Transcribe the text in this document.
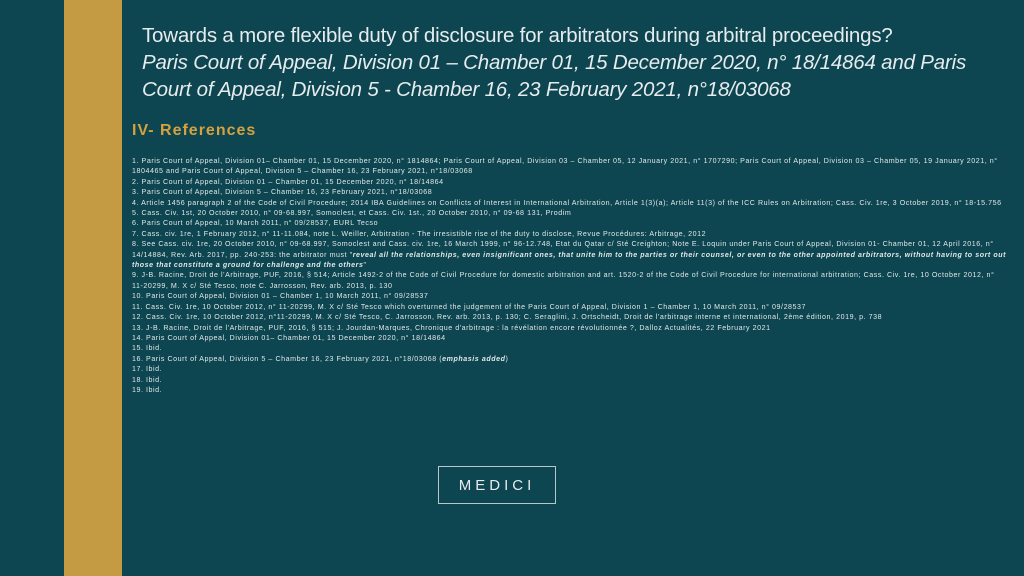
Towards a more flexible duty of disclosure for arbitrators during arbitral proceedings?
Paris Court of Appeal, Division 01 – Chamber 01, 15 December 2020, n° 18/14864 and Paris Court of Appeal, Division 5 - Chamber 16, 23 February 2021, n°18/03068
IV- References
1. Paris Court of Appeal, Division 01– Chamber 01, 15 December 2020, n° 1814864; Paris Court of Appeal, Division 03 – Chamber 05, 12 January 2021, n° 1707290; Paris Court of Appeal, Division 03 – Chamber 05, 19 January 2021, n° 1804465 and Paris Court of Appeal, Division 5 – Chamber 16, 23 February 2021, n°18/03068
2. Paris Court of Appeal, Division 01 – Chamber 01, 15 December 2020, n° 18/14864
3. Paris Court of Appeal, Division 5 – Chamber 16, 23 February 2021, n°18/03068
4. Article 1456 paragraph 2 of the Code of Civil Procedure; 2014 IBA Guidelines on Conflicts of Interest in International Arbitration, Article 1(3)(a); Article 11(3) of the ICC Rules on Arbitration; Cass. Civ. 1re, 3 October 2019, n° 18-15.756
5. Cass. Civ. 1st, 20 October 2010, n° 09-68.997, Somoclest, et Cass. Civ. 1st., 20 October 2010, n° 09-68 131, Prodim
6. Paris Court of Appeal, 10 March 2011, n° 09/28537, EURL Tecso
7. Cass. civ. 1re, 1 February 2012, n° 11-11.084, note L. Weiller, Arbitration - The irresistible rise of the duty to disclose, Revue Procédures: Arbitrage, 2012
8. See Cass. civ. 1re, 20 October 2010, n° 09-68.997, Somoclest and Cass. civ. 1re, 16 March 1999, n° 96-12.748, Etat du Qatar c/ Sté Creighton; Note E. Loquin under Paris Court of Appeal, Division 01- Chamber 01, 12 April 2016, n° 14/14884, Rev. Arb. 2017, pp. 240-253: the arbitrator must "reveal all the relationships, even insignificant ones, that unite him to the parties or their counsel, or even to the other appointed arbitrators, without having to sort out those that constitute a ground for challenge and the others"
9. J-B. Racine, Droit de l'Arbitrage, PUF, 2016, § 514; Article 1492-2 of the Code of Civil Procedure for domestic arbitration and art. 1520-2 of the Code of Civil Procedure for international arbitration; Cass. Civ. 1re, 10 October 2012, n° 11-20299, M. X c/ Sté Tesco, note C. Jarrosson, Rev. arb. 2013, p. 130
10. Paris Court of Appeal, Division 01 – Chamber 1, 10 March 2011, n° 09/28537
11. Cass. Civ. 1re, 10 October 2012, n° 11-20299, M. X c/ Sté Tesco which overturned the judgement of the Paris Court of Appeal, Division 1 – Chamber 1, 10 March 2011, n° 09/28537
12. Cass. Civ. 1re, 10 October 2012, n°11-20299, M. X c/ Sté Tesco, C. Jarrosson, Rev. arb. 2013, p. 130; C. Seraglini, J. Ortscheidt, Droit de l'arbitrage interne et international, 2ème édition, 2019, p. 738
13. J-B. Racine, Droit de l'Arbitrage, PUF, 2016, § 515; J. Jourdan-Marques, Chronique d'arbitrage : la révélation encore révolutionnée ?, Dalloz Actualités, 22 February 2021
14. Paris Court of Appeal, Division 01– Chamber 01, 15 December 2020, n° 18/14864
15. Ibid.
16. Paris Court of Appeal, Division 5 – Chamber 16, 23 February 2021, n°18/03068 (emphasis added)
17. Ibid.
18. Ibid.
19. Ibid.
MEDICI
